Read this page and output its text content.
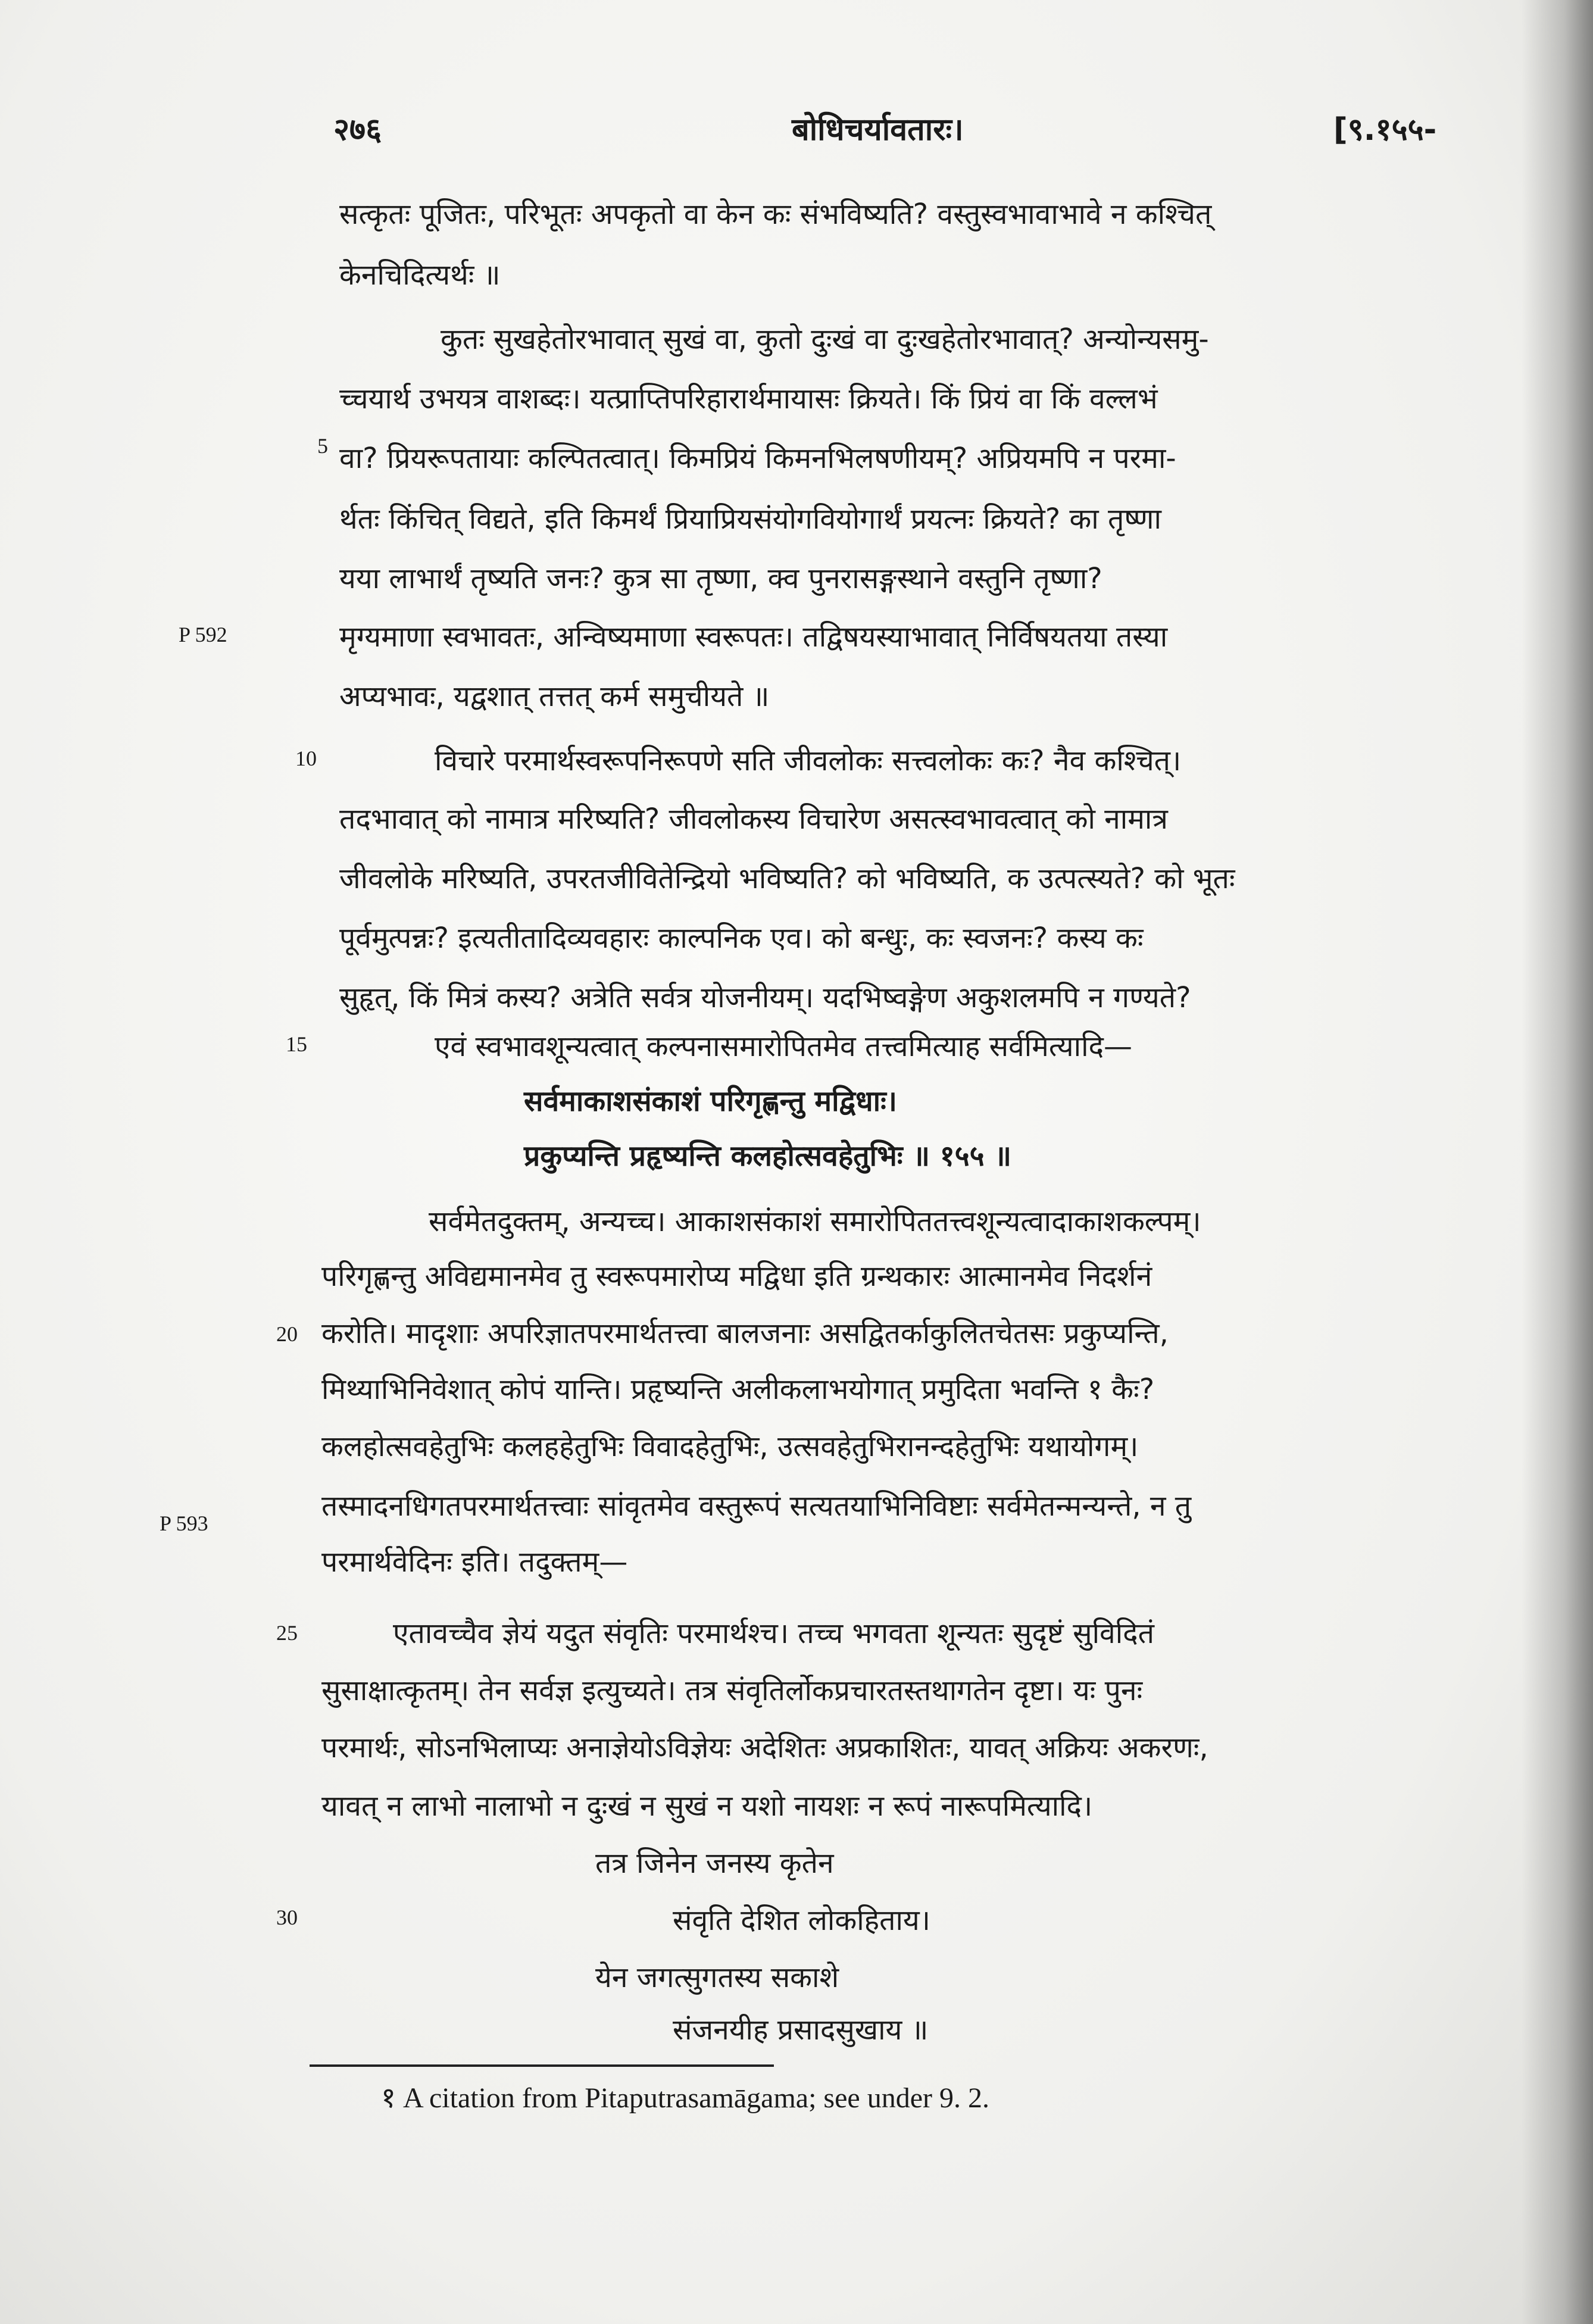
२७६	बोधिचर्यावतारः।	[९.१५५-
P 592
P 593
5
10
15
20
25
30
सत्कृतः पूजितः, परिभूतः अपकृतो वा केन कः संभविष्यति? वस्तुस्वभावाभावे न कश्चित्
केनचिदित्यर्थः ॥
कुतः सुखहेतोरभावात् सुखं वा, कुतो दुःखं वा दुःखहेतोरभावात्? अन्योन्यसमु-
च्चयार्थ उभयत्र वाशब्दः। यत्प्राप्तिपरिहारार्थमायासः क्रियते। किं प्रियं वा किं वल्लभं
वा? प्रियरूपतायाः कल्पितत्वात्। किमप्रियं किमनभिलषणीयम्? अप्रियमपि न परमा-
र्थतः किंचित् विद्यते, इति किमर्थं प्रियाप्रियसंयोगवियोगार्थं प्रयत्नः क्रियते? का तृष्णा
यया लाभार्थं तृष्यति जनः? कुत्र सा तृष्णा, क्व पुनरासङ्गस्थाने वस्तुनि तृष्णा?
मृग्यमाणा स्वभावतः, अन्विष्यमाणा स्वरूपतः। तद्विषयस्याभावात् निर्विषयतया तस्या
अप्यभावः, यद्वशात् तत्तत् कर्म समुचीयते ॥
विचारे परमार्थस्वरूपनिरूपणे सति जीवलोकः सत्त्वलोकः कः? नैव कश्चित्।
तदभावात् को नामात्र मरिष्यति? जीवलोकस्य विचारेण असत्स्वभावत्वात् को नामात्र
जीवलोके मरिष्यति, उपरतजीवितेन्द्रियो भविष्यति? को भविष्यति, क उत्पत्स्यते? को भूतः
पूर्वमुत्पन्नः? इत्यतीतादिव्यवहारः काल्पनिक एव। को बन्धुः, कः स्वजनः? कस्य कः
सुहृत्, किं मित्रं कस्य? अत्रेति सर्वत्र योजनीयम्। यदभिष्वङ्गेण अकुशलमपि न गण्यते?
एवं स्वभावशून्यत्वात् कल्पनासमारोपितमेव तत्त्वमित्याह सर्वमित्यादि—
सर्वमाकाशसंकाशं परिगृह्णन्तु मद्विधाः।
प्रकुप्यन्ति प्रहृष्यन्ति कलहोत्सवहेतुभिः ॥ १५५ ॥
सर्वमेतदुक्तम्, अन्यच्च। आकाशसंकाशं समारोपिततत्त्वशून्यत्वादाकाशकल्पम्।
परिगृह्णन्तु अविद्यमानमेव तु स्वरूपमारोप्य मद्विधा इति ग्रन्थकारः आत्मानमेव निदर्शनं
करोति। मादृशाः अपरिज्ञातपरमार्थतत्त्वा बालजनाः असद्वितर्काकुलितचेतसः प्रकुप्यन्ति,
मिथ्याभिनिवेशात् कोपं यान्ति। प्रहृष्यन्ति अलीकलाभयोगात् प्रमुदिता भवन्ति १ कैः?
कलहोत्सवहेतुभिः कलहहेतुभिः विवादहेतुभिः, उत्सवहेतुभिरानन्दहेतुभिः यथायोगम्।
तस्मादनधिगतपरमार्थतत्त्वाः सांवृतमेव वस्तुरूपं सत्यतयाभिनिविष्टाः सर्वमेतन्मन्यन्ते, न तु
परमार्थवेदिनः इति। तदुक्तम्—
एतावच्चैव ज्ञेयं यदुत संवृतिः परमार्थश्च। तच्च भगवता शून्यतः सुदृष्टं सुविदितं
सुसाक्षात्कृतम्। तेन सर्वज्ञ इत्युच्यते। तत्र संवृतिर्लोकप्रचारतस्तथागतेन दृष्टा। यः पुनः
परमार्थः, सोऽनभिलाप्यः अनाज्ञेयोऽविज्ञेयः अदेशितः अप्रकाशितः, यावत् अक्रियः अकरणः,
यावत् न लाभो नालाभो न दुःखं न सुखं न यशो नायशः न रूपं नारूपमित्यादि।
तत्र जिनेन जनस्य कृतेन
संवृति देशित लोकहिताय।
येन जगत्सुगतस्य सकाशे
संजनयीह प्रसादसुखाय ॥
१ A citation from Pitaputrasamāgama; see under 9. 2.
